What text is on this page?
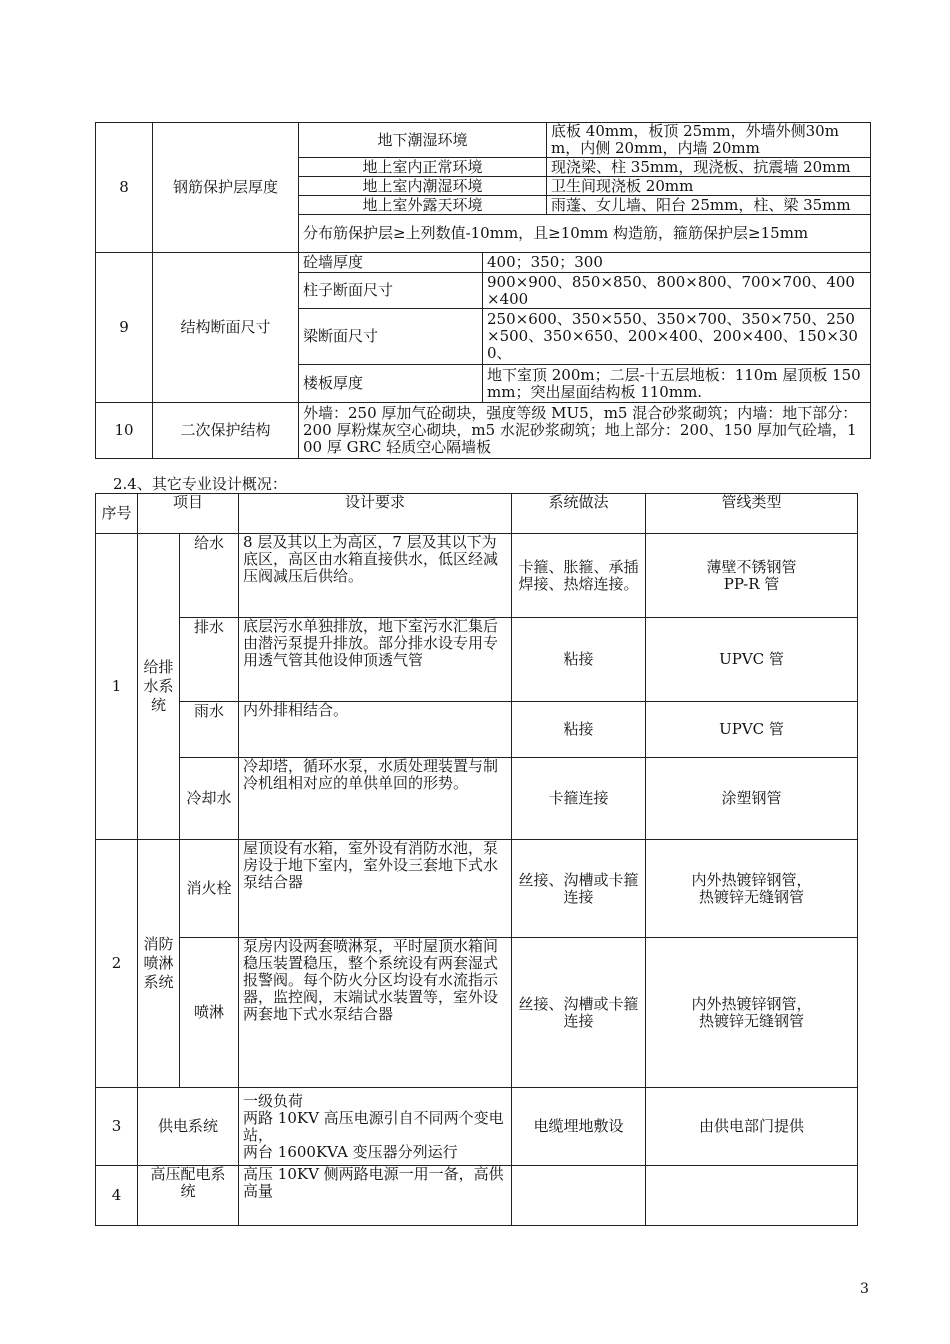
8	钢筋保护层厚度	地下潮湿环境		底板 40mm，板顶 25mm，外墙外侧30mm，内侧 20mm，内墙 20mm
		地上室内正常环境		现浇梁、柱 35mm，现浇板、抗震墙 20mm
		地上室内潮湿环境		卫生间现浇板 20mm
		地上室外露天环境		雨蓬、女儿墙、阳台 25mm，柱、梁 35mm
		分布筋保护层≥上列数值-10mm，且≥10mm 构造筋，箍筋保护层≥15mm		
9	结构断面尺寸	砼墙厚度	400；350；300	
		柱子断面尺寸	900×900、850×850、800×800、700×700、400×400	
		梁断面尺寸	250×600、350×550、350×700、350×750、250×500、350×650、200×400、200×400、150×300、	
		楼板厚度	地下室顶 200m；二层-十五层地板：110m 屋顶板 150mm；突出屋面结构板 110mm.	
10	二次保护结构	外墙：250 厚加气砼砌块，强度等级 MU5，m5 混合砂浆砌筑；内墙：地下部分：200 厚粉煤灰空心砌块，m5 水泥砂浆砌筑；地上部分：200、150 厚加气砼墙，100 厚 GRC 轻质空心隔墙板		
2.4、其它专业设计概况：
序号	项目		设计要求	系统做法	管线类型
1	给排水系统	给水	8 层及其以上为高区，7 层及其以下为底区，高区由水箱直接供水，低区经减压阀减压后供给。	卡箍、胀箍、承插焊接、热熔连接。	薄壁不锈钢管
PP-R 管
		排水	底层污水单独排放，地下室污水汇集后由潜污泵提升排放。部分排水设专用专用透气管其他设伸顶透气管	粘接	UPVC 管
		雨水	内外排相结合。	粘接	UPVC 管
		冷却水	冷却塔，循环水泵，水质处理装置与制冷机组相对应的单供单回的形势。	卡箍连接	涂塑钢管
2	消防喷淋系统	消火栓	屋顶设有水箱，室外设有消防水池，泵房设于地下室内，室外设三套地下式水泵结合器	丝接、沟槽或卡箍连接	内外热镀锌钢管，
热镀锌无缝钢管
		喷淋	泵房内设两套喷淋泵，平时屋顶水箱间稳压装置稳压，整个系统设有两套湿式报警阀。每个防火分区均设有水流指示器，监控阀，末端试水装置等，室外设两套地下式水泵结合器	丝接、沟槽或卡箍连接	内外热镀锌钢管，
热镀锌无缝钢管
3	供电系统		一级负荷
两路 10KV 高压电源引自不同两个变电站，
两台 1600KVA 变压器分列运行	电缆埋地敷设	由供电部门提供
4	高压配电系统		高压 10KV 侧两路电源一用一备，高供高量		
3
